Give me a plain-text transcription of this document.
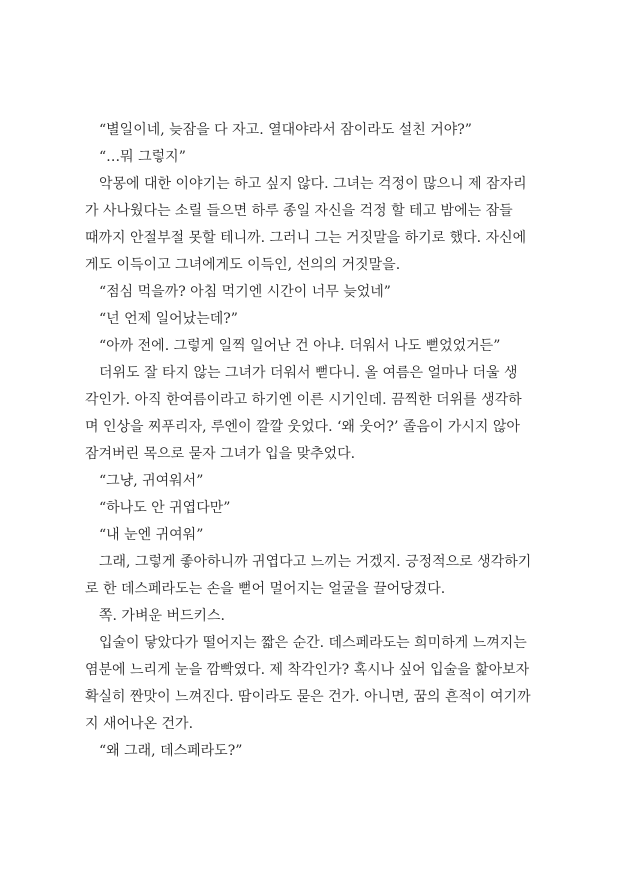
“별일이네, 늦잠을 다 자고. 열대야라서 잠이라도 설친 거야?”
“…뭐 그렇지”
악몽에 대한 이야기는 하고 싶지 않다. 그녀는 걱정이 많으니 제 잠자리
가 사나웠다는 소릴 들으면 하루 종일 자신을 걱정 할 테고 밤에는 잠들
때까지 안절부절 못할 테니까. 그러니 그는 거짓말을 하기로 했다. 자신에
게도 이득이고 그녀에게도 이득인, 선의의 거짓말을.
“점심 먹을까? 아침 먹기엔 시간이 너무 늦었네”
“넌 언제 일어났는데?”
“아까 전에. 그렇게 일찍 일어난 건 아냐. 더워서 나도 뻗었었거든”
더위도 잘 타지 않는 그녀가 더워서 뻗다니. 올 여름은 얼마나 더울 생
각인가. 아직 한여름이라고 하기엔 이른 시기인데. 끔찍한 더위를 생각하
며 인상을 찌푸리자, 루엔이 깔깔 웃었다. ‘왜 웃어?’ 졸음이 가시지 않아
잠겨버린 목으로 묻자 그녀가 입을 맞추었다.
“그냥, 귀여워서”
“하나도 안 귀엽다만”
“내 눈엔 귀여워”
그래, 그렇게 좋아하니까 귀엽다고 느끼는 거겠지. 긍정적으로 생각하기
로 한 데스페라도는 손을 뻗어 멀어지는 얼굴을 끌어당겼다.
쪽. 가벼운 버드키스.
입술이 닿았다가 떨어지는 짧은 순간. 데스페라도는 희미하게 느껴지는
염분에 느리게 눈을 깜빡였다. 제 착각인가? 혹시나 싶어 입술을 핥아보자
확실히 짠맛이 느껴진다. 땀이라도 묻은 건가. 아니면, 꿈의 흔적이 여기까
지 새어나온 건가.
“왜 그래, 데스페라도?”
